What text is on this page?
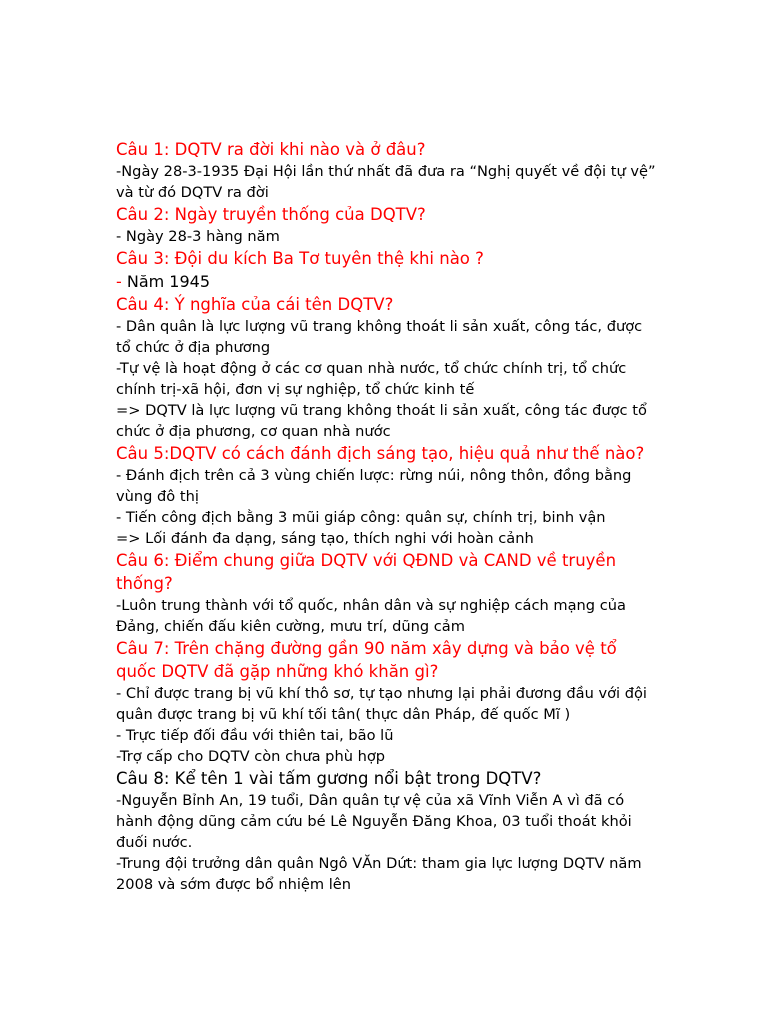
Câu 1: DQTV ra đời khi nào và ở đâu?

-Ngày 28-3-1935 Đại Hội lần thứ nhất đã đưa ra “Nghị quyết về đội tự vệ” và từ đó DQTV ra đời

Câu 2: Ngày truyền thống của DQTV?

- Ngày 28-3 hàng năm

Câu 3: Đội du kích Ba Tơ tuyên thệ khi nào ?

- Năm 1945

Câu 4: Ý nghĩa của cái tên DQTV?

- Dân quân là lực lượng vũ trang không thoát li sản xuất, công tác, được tổ chức ở địa phương

-Tự vệ là hoạt động ở các cơ quan nhà nước, tổ chức chính trị, tổ chức chính trị-xã hội, đơn vị sự nghiệp, tổ chức kinh tế

=> DQTV là lực lượng vũ trang không thoát li sản xuất, công tác được tổ chức ở địa phương, cơ quan nhà nước

Câu 5:DQTV có cách đánh địch sáng tạo, hiệu quả như thế nào?

- Đánh địch trên cả 3 vùng chiến lược: rừng núi, nông thôn, đồng bằng vùng đô thị

- Tiến công địch bằng 3 mũi giáp công: quân sự, chính trị, binh vận

=> Lối đánh đa dạng, sáng tạo, thích nghi với hoàn cảnh

Câu 6: Điểm chung giữa DQTV với QĐND và CAND về truyền thống?

-Luôn trung thành với tổ quốc, nhân dân và sự nghiệp cách mạng của Đảng, chiến đấu kiên cường, mưu trí, dũng cảm

Câu 7: Trên chặng đường gần 90 năm xây dựng và bảo vệ tổ quốc DQTV đã gặp những khó khăn gì?

- Chỉ được trang bị vũ khí thô sơ, tự tạo nhưng lại phải đương đầu với đội quân được trang bị vũ khí tối tân( thực dân Pháp, đế quốc Mĩ )

- Trực tiếp đối đầu với thiên tai, bão lũ

-Trợ cấp cho DQTV còn chưa phù hợp

Câu 8: Kể tên 1 vài tấm gương nổi bật trong DQTV?

-Nguyễn Bỉnh An, 19 tuổi, Dân quân tự vệ của xã Vĩnh Viễn A vì đã có hành động dũng cảm cứu bé Lê Nguyễn Đăng Khoa, 03 tuổi thoát khỏi đuối nước.

-Trung đội trưởng dân quân Ngô VĂn Dứt: tham gia lực lượng DQTV năm 2008 và sớm được bổ nhiệm lên
